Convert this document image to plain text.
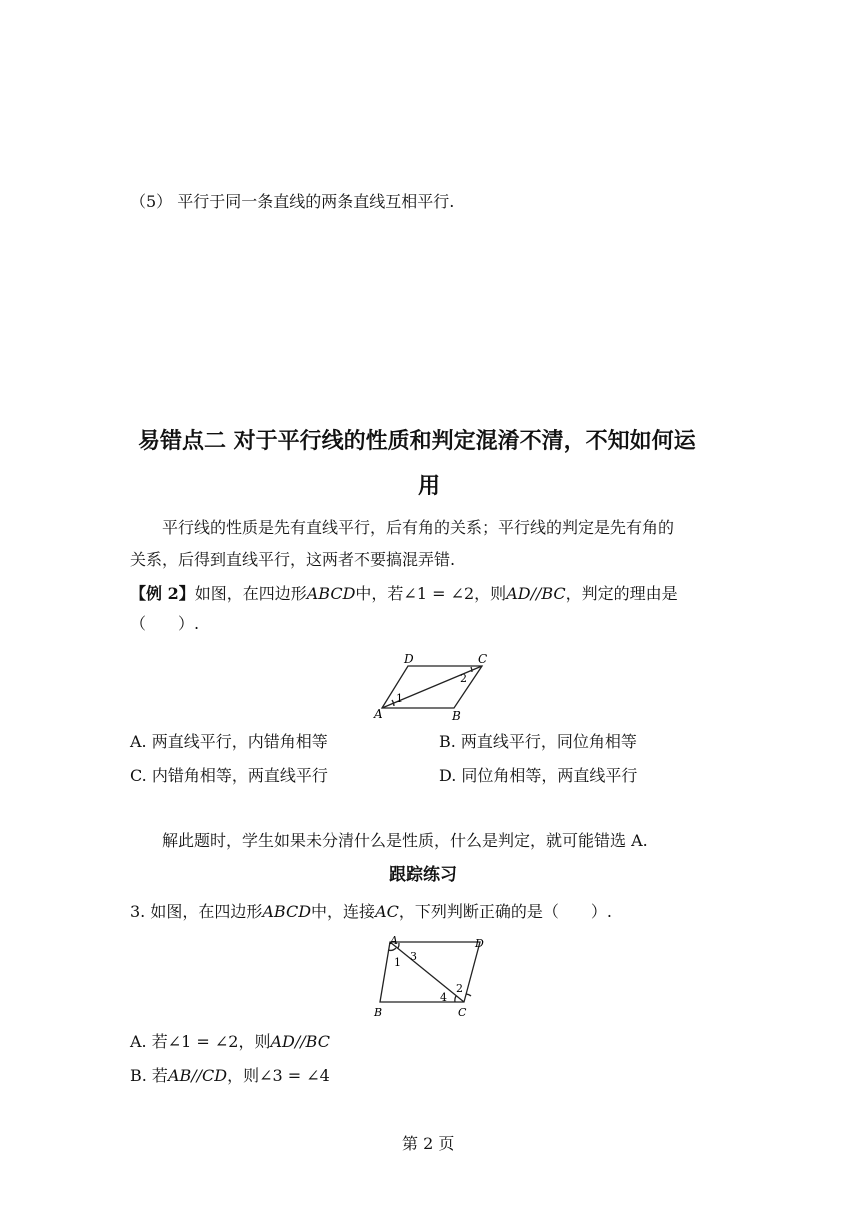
（5） 平行于同一条直线的两条直线互相平行.
易错点二 对于平行线的性质和判定混淆不清，不知如何运
用
平行线的性质是先有直线平行，后有角的关系；平行线的判定是先有角的
关系，后得到直线平行，这两者不要搞混弄错.
【例 2】如图，在四边形ABCD中，若∠1 = ∠2，则AD//BC，判定的理由是
（　　）.
A	B
C
D
1
2
A. 两直线平行，内错角相等	B. 两直线平行，同位角相等
C. 内错角相等，两直线平行	D. 同位角相等，两直线平行
解此题时，学生如果未分清什么是性质，什么是判定，就可能错选 A.
跟踪练习
3. 如图，在四边形ABCD中，连接AC，下列判断正确的是（　　）.
A	D
B	C
1 3
2
4
A. 若∠1 = ∠2，则AD//BC
B. 若AB//CD，则∠3 = ∠4
第 2 页
